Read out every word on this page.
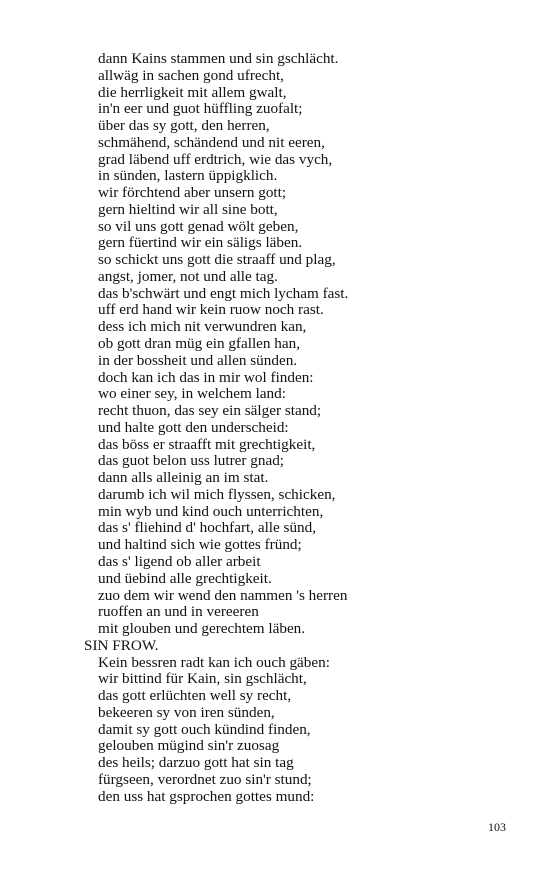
dann Kains stammen und sin gschlächt.
allwäg in sachen gond ufrecht,
die herrligkeit mit allem gwalt,
in'n eer und guot hüffling zuofalt;
über das sy gott, den herren,
schmähend, schändend und nit eeren,
grad läbend uff erdtrich, wie das vych,
in sünden, lastern üppigklich.
wir förchtend aber unsern gott;
gern hieltind wir all sine bott,
so vil uns gott genad wölt geben,
gern füertind wir ein säligs läben.
so schickt uns gott die straaff und plag,
angst, jomer, not und alle tag.
das b'schwärt und engt mich lycham fast.
uff erd hand wir kein ruow noch rast.
dess ich mich nit verwundren kan,
ob gott dran müg ein gfallen han,
in der bossheit und allen sünden.
doch kan ich das in mir wol finden:
wo einer sey, in welchem land:
recht thuon, das sey ein sälger stand;
und halte gott den underscheid:
das böss er straafft mit grechtigkeit,
das guot belon uss lutrer gnad;
dann alls alleinig an im stat.
darumb ich wil mich flyssen, schicken,
min wyb und kind ouch unterrichten,
das s' fliehind d' hochfart, alle sünd,
und haltind sich wie gottes fründ;
das s' ligend ob aller arbeit
und üebind alle grechtigkeit.
zuo dem wir wend den nammen 's herren
ruoffen an und in vereeren
mit glouben und gerechtem läben.
SIN FROW.
Kein bessren radt kan ich ouch gäben:
wir bittind für Kain, sin gschlächt,
das gott erlüchten well sy recht,
bekeeren sy von iren sünden,
damit sy gott ouch kündind finden,
gelouben mügind sin'r zuosag
des heils; darzuo gott hat sin tag
fürgseen, verordnet zuo sin'r stund;
den uss hat gsprochen gottes mund:
103
